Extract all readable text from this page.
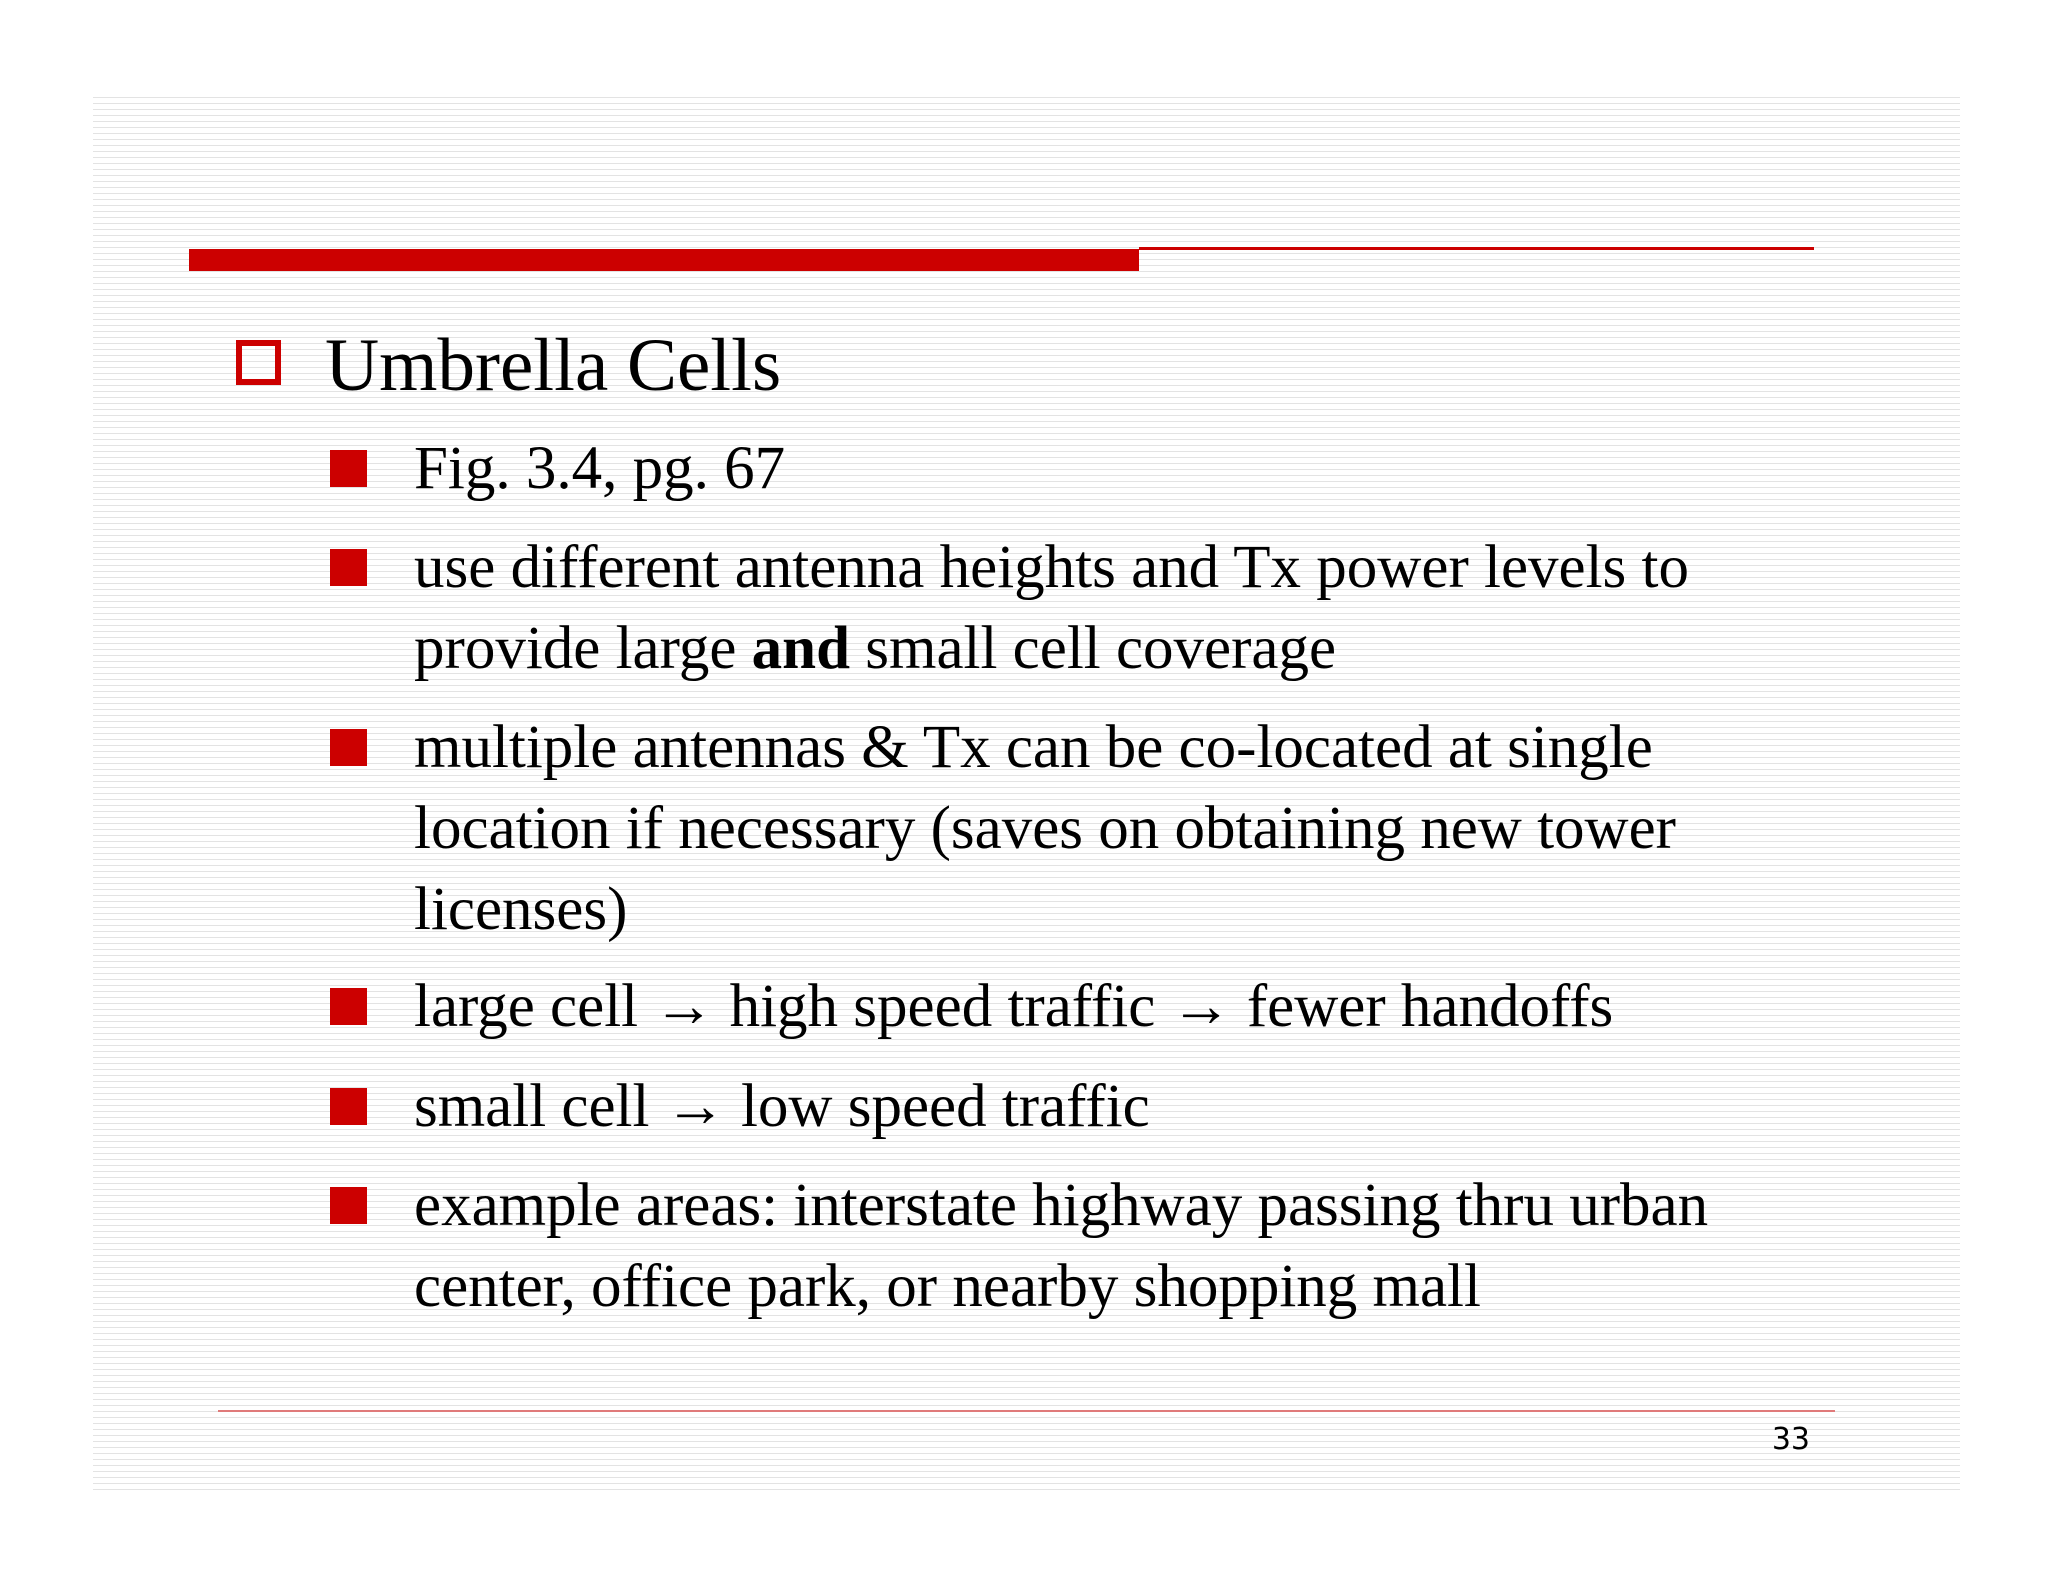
Umbrella Cells
Fig. 3.4, pg. 67
use different antenna heights and Tx power levels to provide large and small cell coverage
multiple antennas & Tx can be co-located at single location if necessary (saves on obtaining new tower licenses)
large cell → high speed traffic → fewer handoffs
small cell → low speed traffic
example areas: interstate highway passing thru urban center, office park, or nearby shopping mall
33
